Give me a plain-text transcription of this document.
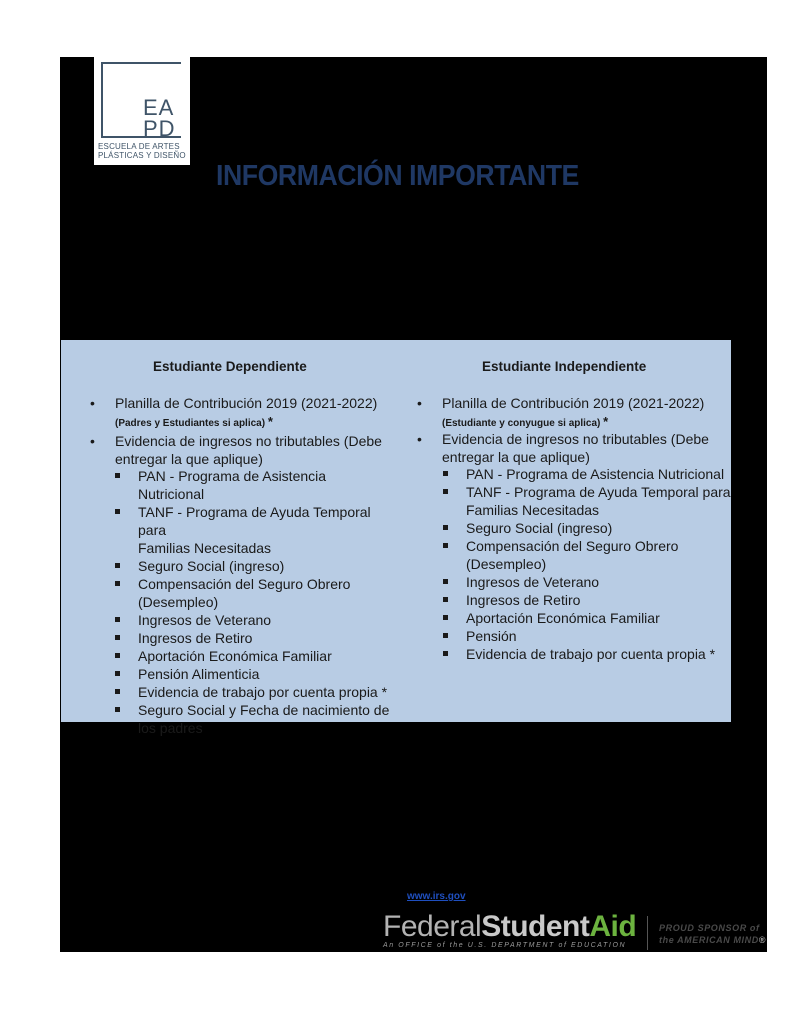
EA
PD
ESCUELA DE ARTES
PLÁSTICAS Y DISEÑO
INFORMACIÓN IMPORTANTE
Estudiante Dependiente
• Planilla de Contribución 2019 (2021-2022)
(Padres y Estudiantes si aplica) *
• Evidencia de ingresos no tributables (Debe
entregar la que aplique)
PAN - Programa de Asistencia Nutricional
TANF - Programa de Ayuda Temporal para
Familias Necesitadas
Seguro Social (ingreso)
Compensación del Seguro Obrero
(Desempleo)
Ingresos de Veterano
Ingresos de Retiro
Aportación Económica Familiar
Pensión Alimenticia
Evidencia de trabajo por cuenta propia *
Seguro Social y Fecha de nacimiento de
los padres
Estudiante Independiente
• Planilla de Contribución 2019 (2021-2022)
(Estudiante y conyugue si aplica) *
• Evidencia de ingresos no tributables (Debe
entregar la que aplique)
PAN - Programa de Asistencia Nutricional
TANF - Programa de Ayuda Temporal para
Familias Necesitadas
Seguro Social (ingreso)
Compensación del Seguro Obrero
(Desempleo)
Ingresos de Veterano
Ingresos de Retiro
Aportación Económica Familiar
Pensión
Evidencia de trabajo por cuenta propia *
www.irs.gov
FederalStudentAid
An OFFICE of the U.S. DEPARTMENT of EDUCATION
PROUD SPONSOR of
the AMERICAN MIND®
